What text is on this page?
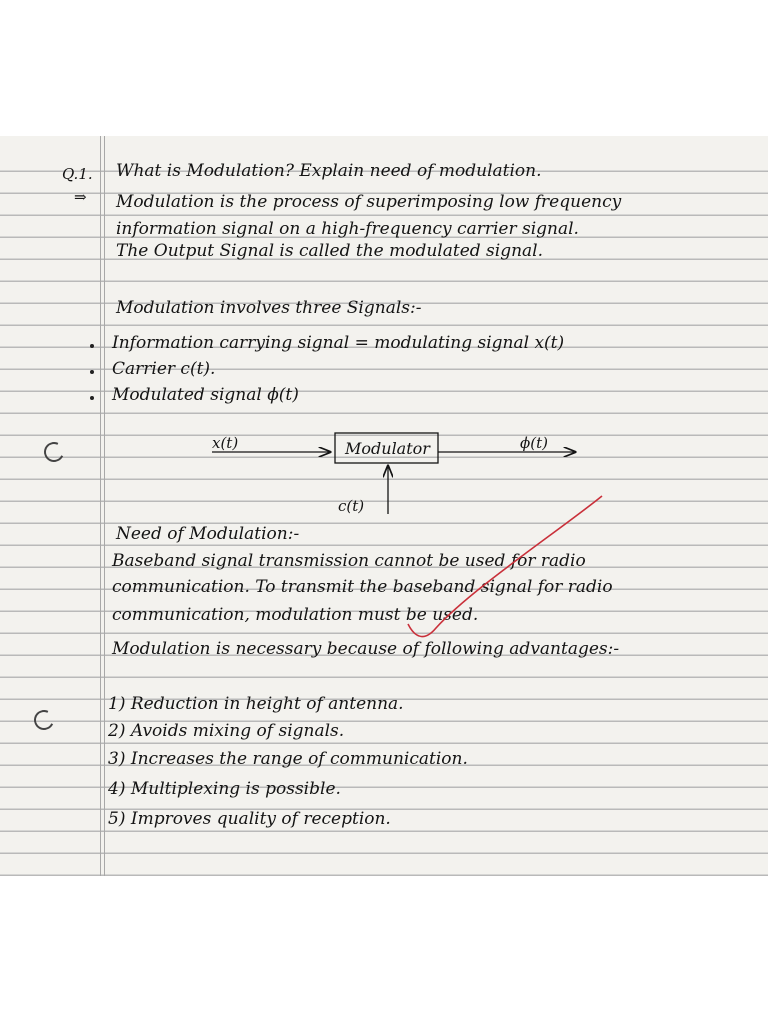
Q.1.
⇒
What is Modulation? Explain need of modulation.
Modulation is the process of superimposing low frequency
information signal on a high-frequency carrier signal.
The Output Signal is called the modulated signal.
Modulation involves three Signals:-
Information carrying signal = modulating signal x(t)
Carrier c(t).
Modulated signal ϕ(t)
x(t)	Modulator	ϕ(t)
c(t)
Need of Modulation:-
Baseband signal transmission cannot be used for radio
communication. To transmit the baseband signal for radio
communication, modulation must be used.
Modulation is necessary because of following advantages:-
1) Reduction in height of antenna.
2) Avoids mixing of signals.
3) Increases the range of communication.
4) Multiplexing is possible.
5) Improves quality of reception.
